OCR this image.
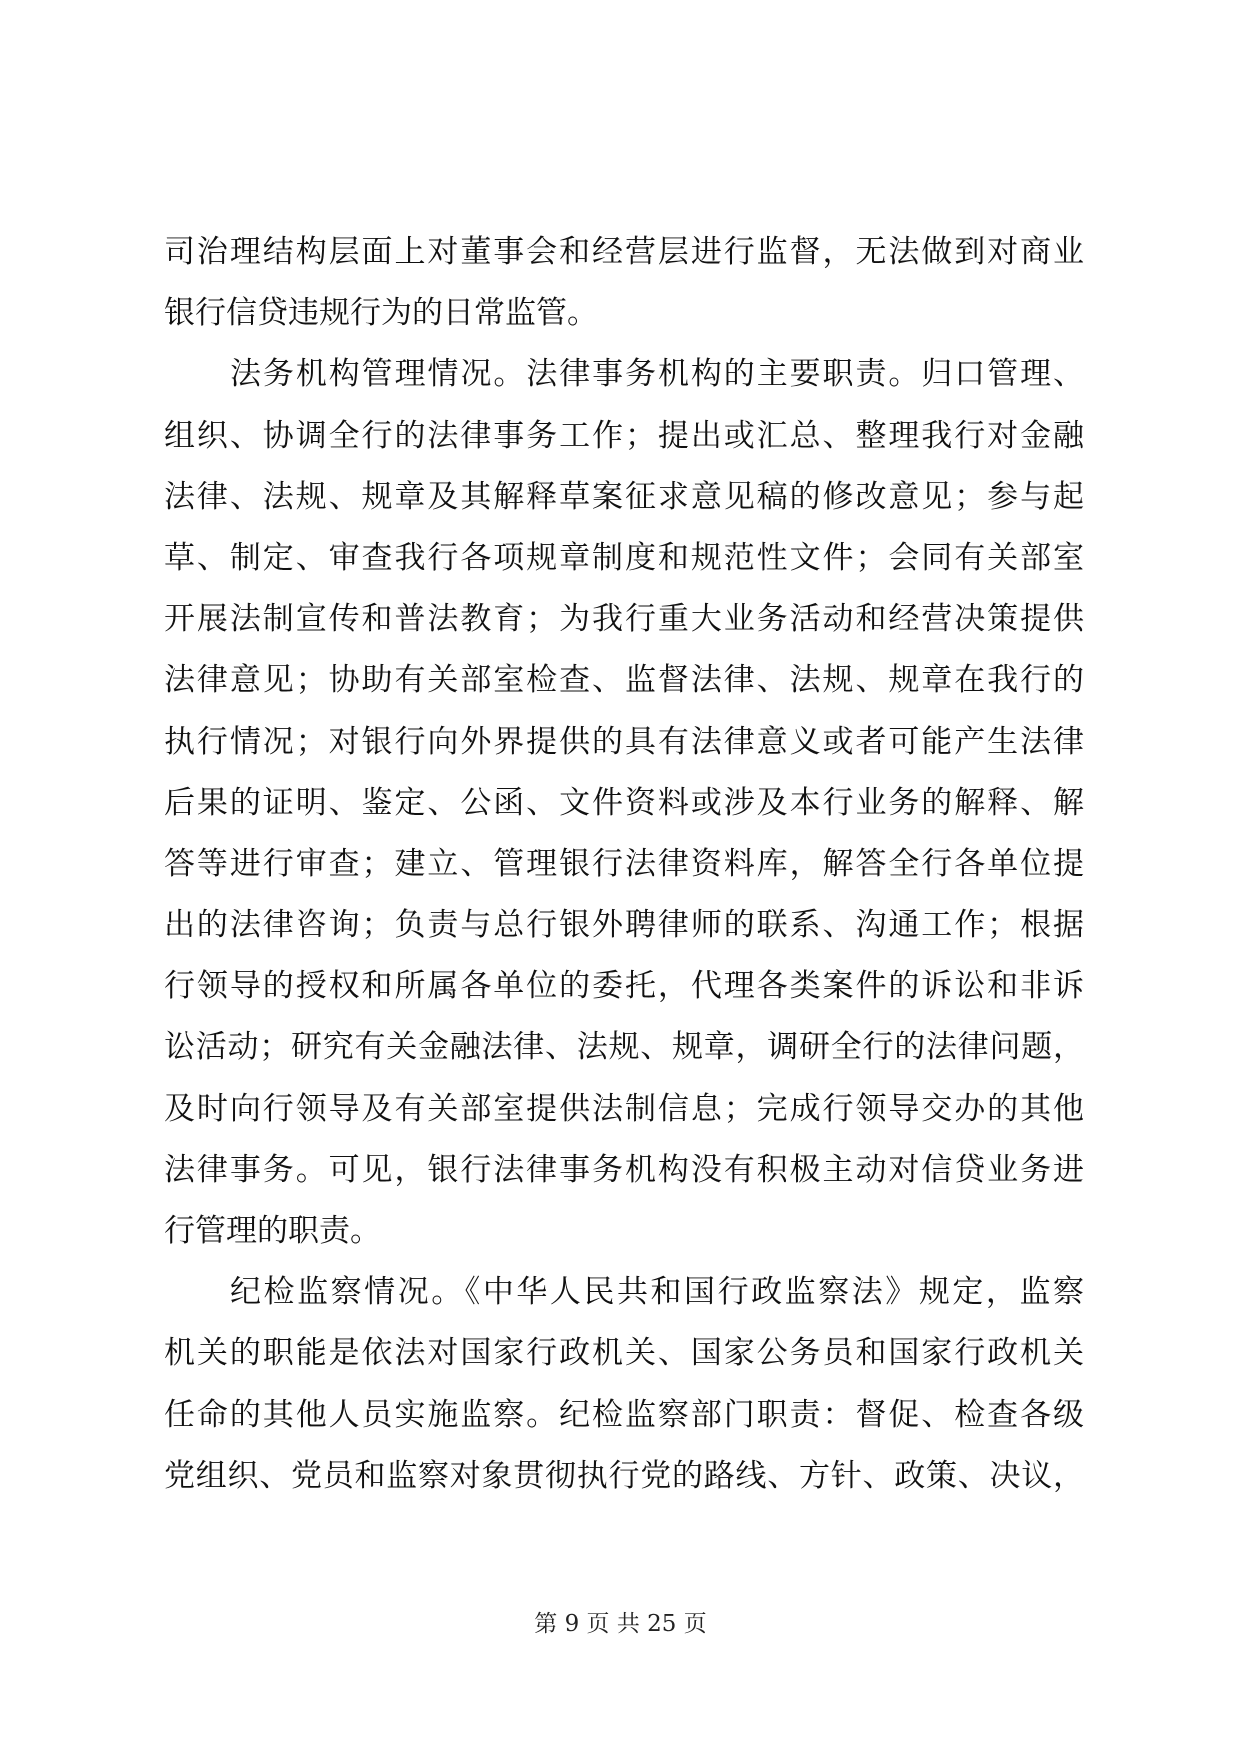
司治理结构层面上对董事会和经营层进行监督，无法做到对商业
银行信贷违规行为的日常监管。
法务机构管理情况。法律事务机构的主要职责。归口管理、
组织、协调全行的法律事务工作；提出或汇总、整理我行对金融
法律、法规、规章及其解释草案征求意见稿的修改意见；参与起
草、制定、审查我行各项规章制度和规范性文件；会同有关部室
开展法制宣传和普法教育；为我行重大业务活动和经营决策提供
法律意见；协助有关部室检查、监督法律、法规、规章在我行的
执行情况；对银行向外界提供的具有法律意义或者可能产生法律
后果的证明、鉴定、公函、文件资料或涉及本行业务的解释、解
答等进行审查；建立、管理银行法律资料库，解答全行各单位提
出的法律咨询；负责与总行银外聘律师的联系、沟通工作；根据
行领导的授权和所属各单位的委托，代理各类案件的诉讼和非诉
讼活动；研究有关金融法律、法规、规章，调研全行的法律问题，
及时向行领导及有关部室提供法制信息；完成行领导交办的其他
法律事务。可见，银行法律事务机构没有积极主动对信贷业务进
行管理的职责。
纪检监察情况。《中华人民共和国行政监察法》规定，监察
机关的职能是依法对国家行政机关、国家公务员和国家行政机关
任命的其他人员实施监察。纪检监察部门职责：督促、检查各级
党组织、党员和监察对象贯彻执行党的路线、方针、政策、决议，
第 9 页 共 25 页
